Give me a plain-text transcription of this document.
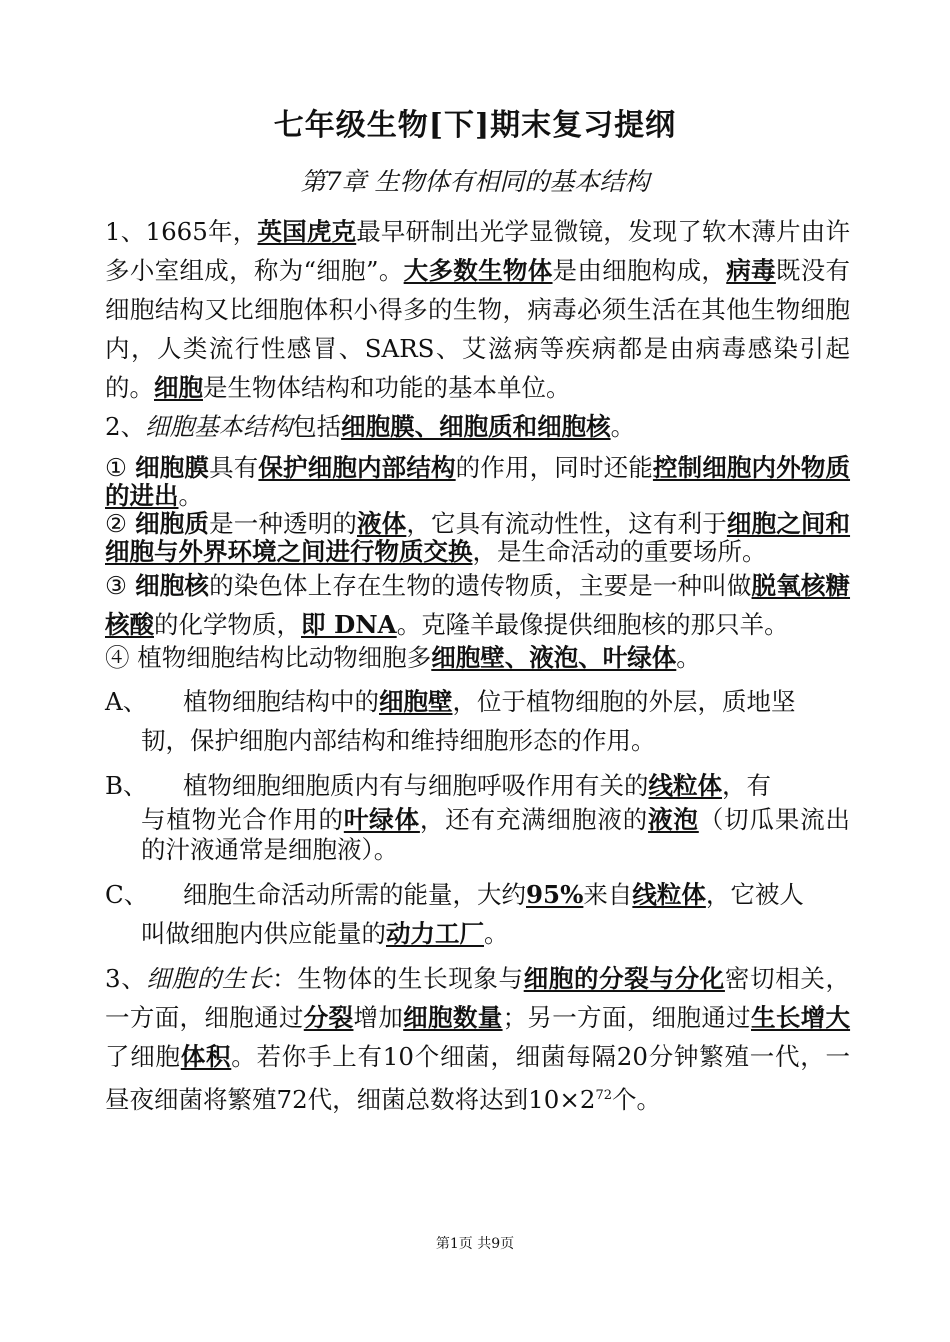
七年级生物[下]期末复习提纲
第7章 生物体有相同的基本结构

1、1665年，英国虎克最早研制出光学显微镜，发现了软木薄片由许多小室组成，称为“细胞”。大多数生物体是由细胞构成，病毒既没有细胞结构又比细胞体积小得多的生物，病毒必须生活在其他生物细胞内，人类流行性感冒、SARS、艾滋病等疾病都是由病毒感染引起的。细胞是生物体结构和功能的基本单位。

2、细胞基本结构包括细胞膜、细胞质和细胞核。

① 细胞膜具有保护细胞内部结构的作用，同时还能控制细胞内外物质的进出。

② 细胞质是一种透明的液体，它具有流动性性，这有利于细胞之间和细胞与外界环境之间进行物质交换，是生命活动的重要场所。

③ 细胞核的染色体上存在生物的遗传物质，主要是一种叫做脱氧核糖核酸的化学物质，即 DNA。克隆羊最像提供细胞核的那只羊。

④ 植物细胞结构比动物细胞多细胞壁、液泡、叶绿体。

A、	植物细胞结构中的细胞壁，位于植物细胞的外层，质地坚
韧，保护细胞内部结构和维持细胞形态的作用。
B、	植物细胞细胞质内有与细胞呼吸作用有关的线粒体，有
与植物光合作用的叶绿体，还有充满细胞液的液泡（切瓜果流出的汁液通常是细胞液）。
C、	细胞生命活动所需的能量，大约95%来自线粒体，它被人
叫做细胞内供应能量的动力工厂。

3、细胞的生长：生物体的生长现象与细胞的分裂与分化密切相关，一方面，细胞通过分裂增加细胞数量；另一方面，细胞通过生长增大了细胞体积。若你手上有10个细菌，细菌每隔20分钟繁殖一代，一昼夜细菌将繁殖72代，细菌总数将达到$10\times 2^{72}$个。

第1页 共9页
